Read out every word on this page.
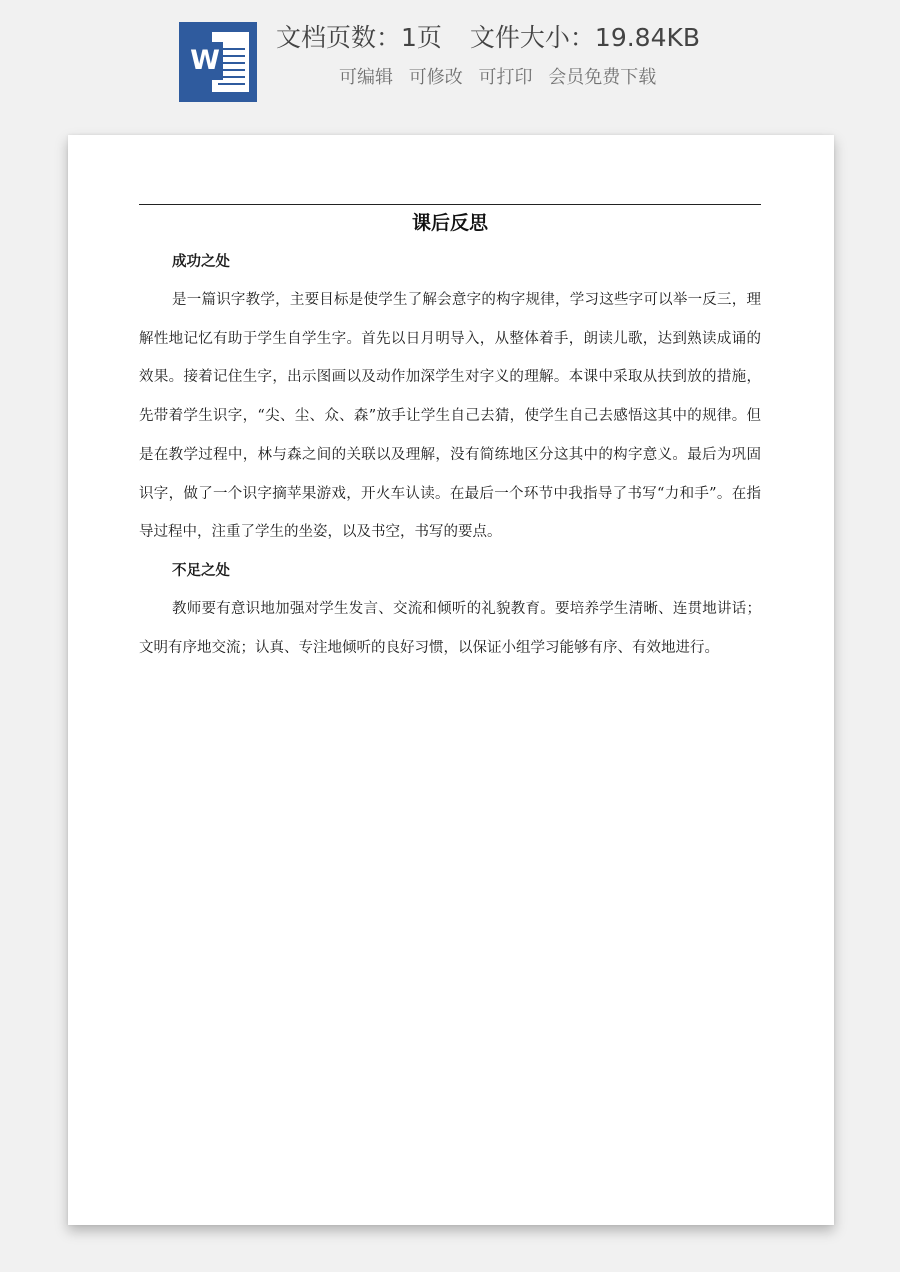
W
文档页数：1页 文件大小：19.84KB
可编辑 可修改 可打印 会员免费下载
课后反思

成功之处

是一篇识字教学，主要目标是使学生了解会意字的构字规律，学习这些字可以举一反三，理解性地记忆有助于学生自学生字。首先以日月明导入，从整体着手，朗读儿歌，达到熟读成诵的效果。接着记住生字，出示图画以及动作加深学生对字义的理解。本课中采取从扶到放的措施，先带着学生识字，“尖、尘、众、森”放手让学生自己去猜，使学生自己去感悟这其中的规律。但是在教学过程中，林与森之间的关联以及理解，没有简练地区分这其中的构字意义。最后为巩固识字，做了一个识字摘苹果游戏，开火车认读。在最后一个环节中我指导了书写“力和手”。在指导过程中，注重了学生的坐姿，以及书空，书写的要点。

不足之处

教师要有意识地加强对学生发言、交流和倾听的礼貌教育。要培养学生清晰、连贯地讲话；文明有序地交流；认真、专注地倾听的良好习惯，以保证小组学习能够有序、有效地进行。
